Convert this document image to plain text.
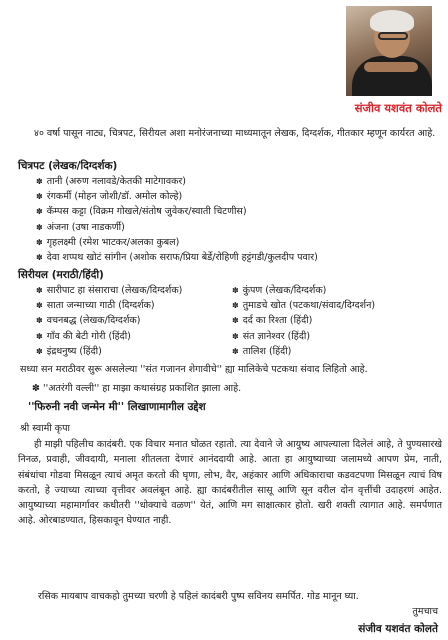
संजीव यशवंत कोलते
४० वर्षा पासून नाट्य, चित्रपट, सिरीयल अशा मनोरंजनाच्या माध्यमातून लेखक, दिग्दर्शक, गीतकार म्हणून कार्यरत आहे.
चित्रपट (लेखक/दिग्दर्शक)
✽ तानी (अरुण नलावडे/केतकी माटेगावकर)
✽ रंगकर्मी (मोहन जोशी/डॉ. अमोल कोल्हे)
✽ कॅम्पस कट्टा (विक्रम गोखले/संतोष जुवेकर/स्वाती चिटणीस)
✽ अंजना (उषा नाडकर्णी)
✽ गृहलक्ष्मी (रमेश भाटकर/अलका कुबल)
✽ देवा शप्पथ खोटं सांगीन (अशोक सराफ/प्रिया बेर्डे/रोहिणी हट्टंगडी/कुलदीप पवार)
सिरीयल (मराठी/हिंदी)
✽ सारीपाट हा संसाराचा (लेखक/दिग्दर्शक)
✽ साता जन्माच्या गाठी (दिग्दर्शक)
✽ वचनबद्ध (लेखक/दिग्दर्शक)
✽ गाँव की बेटी गोरी (हिंदी)
✽ इंद्रधनुष्य (हिंदी)
✽ कुंपण (लेखक/दिग्दर्शक)
✽ तुमाडचे खोत (पटकथा/संवाद/दिग्दर्शन)
✽ दर्द का रिश्ता (हिंदी)
✽ संत ज्ञानेश्वर (हिंदी)
✽ तालिश (हिंदी)
सध्या सन मराठीवर सुरू असलेल्या ''संत गजानन शेगावीचे'' ह्या मालिकेचे पटकथा संवाद लिहितो आहे.
✽ ''अतरंगी वल्ली'' हा माझा कथासंग्रह प्रकाशित झाला आहे.
''फिरुनी नवी जन्मेन मी'' लिखाणामागील उद्देश
श्री स्वामी कृपा

ही माझी पहिलीच कादंबरी. एक विचार मनात घोळत रहातो. त्या देवाने जे आयुष्य आपल्याला दिलेलं आहे, ते पुण्यसारखे निनळ, प्रवाही, जीवदायी, मनाला शीतलता देणारं आनंददायी आहे. आता हा आयुष्याच्या जलामध्ये आपण प्रेम, नाती, संबंधांचा गोडवा मिसळून त्याचं अमृत करतो की घृणा, लोभ, वैर, अहंकार आणि अधिकाराचा कडवटपणा मिसळून त्याचं विष करतो, हे ज्याच्या त्याच्या वृत्तीवर अवलंबून आहे. ह्या कादंबरीतील सासू आणि सून वरील दोन वृत्तींची उदाहरणं आहेत. आयुष्याच्या महामार्गावर कधीतरी ''धोक्याचे वळण'' येतं, आणि मग साक्षात्कार होतो. खरी शक्ती त्यागात आहे. समर्पणात आहे. ओरबाडण्यात, हिसकावून घेण्यात नाही.

रसिक मायबाप वाचकहो तुमच्या चरणी हे पहिलं कादंबरी पुष्प सविनय समर्पित. गोड मानून घ्या.
तुमचाच
संजीव यशवंत कोलते
